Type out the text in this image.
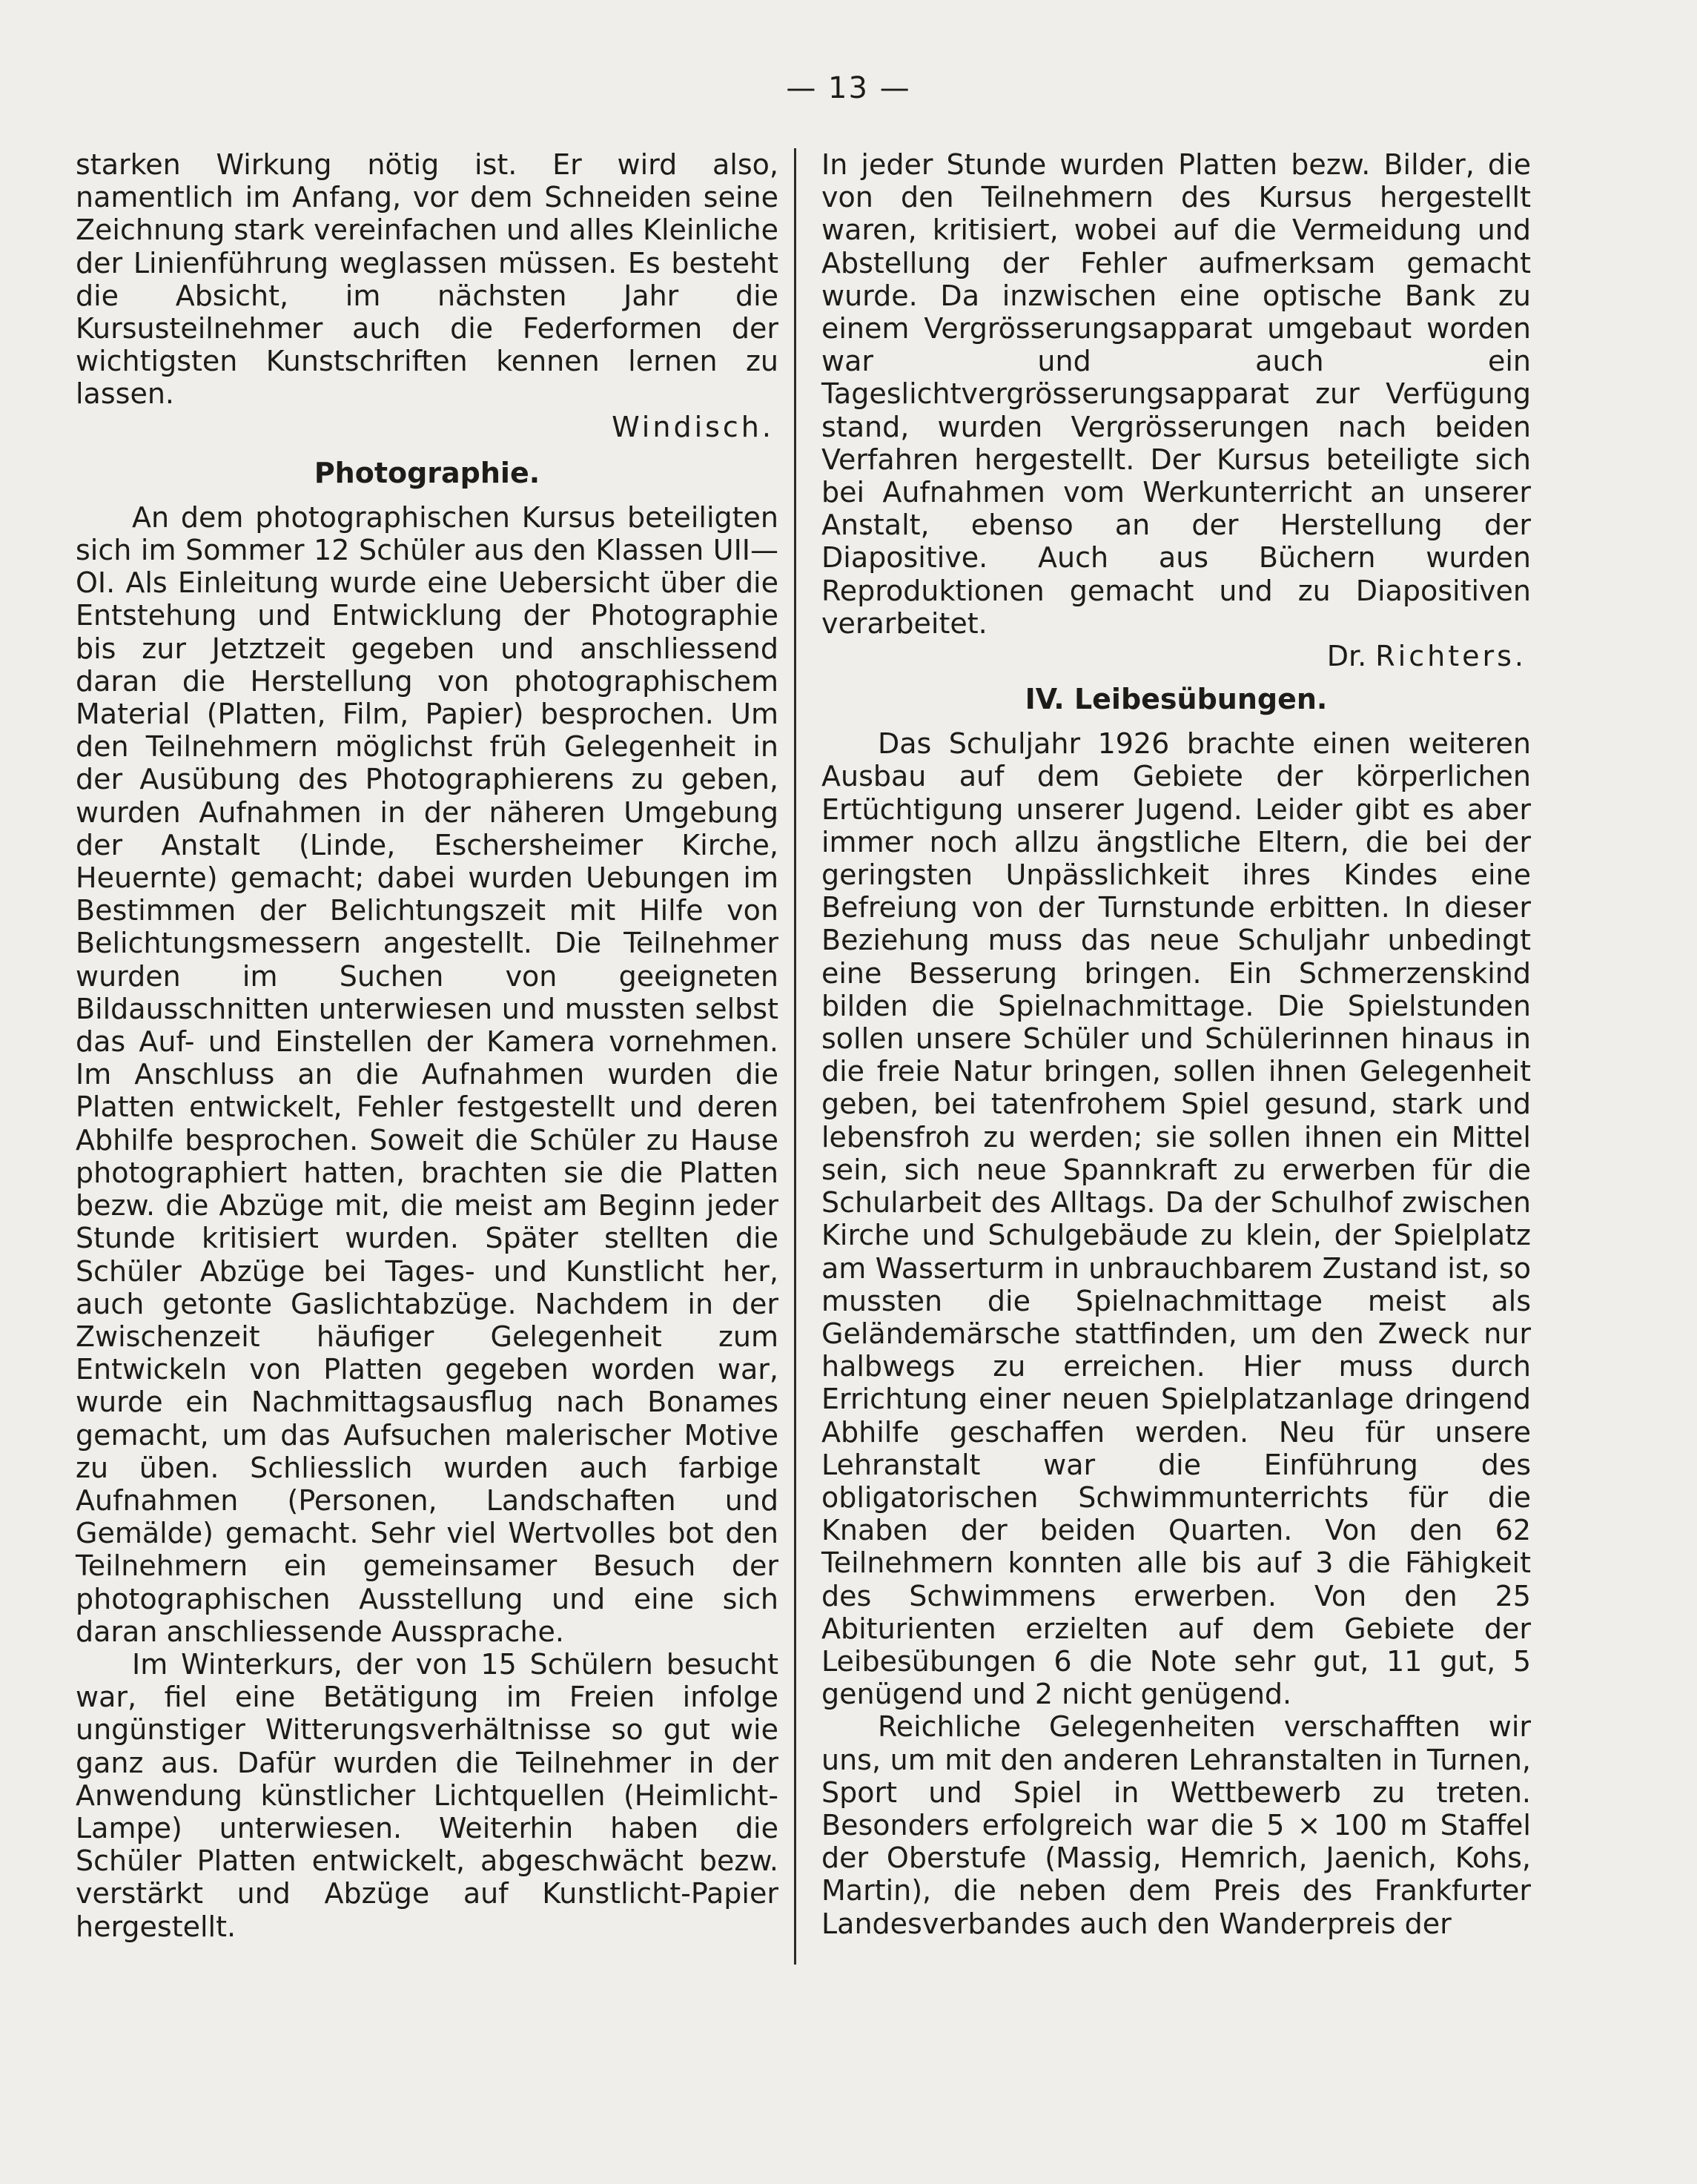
— 13 —

starken Wirkung nötig ist. Er wird also, namentlich im Anfang, vor dem Schneiden seine Zeichnung stark vereinfachen und alles Kleinliche der Linienführung weglassen müssen. Es besteht die Absicht, im nächsten Jahr die Kursusteilnehmer auch die Federformen der wichtigsten Kunstschriften kennen lernen zu lassen.

Windisch.

Photographie.

An dem photographischen Kursus beteiligten sich im Sommer 12 Schüler aus den Klassen UII—OI. Als Einleitung wurde eine Uebersicht über die Entstehung und Entwicklung der Photographie bis zur Jetztzeit gegeben und anschliessend daran die Herstellung von photographischem Material (Platten, Film, Papier) besprochen. Um den Teilnehmern möglichst früh Gelegenheit in der Ausübung des Photographierens zu geben, wurden Aufnahmen in der näheren Umgebung der Anstalt (Linde, Eschersheimer Kirche, Heuernte) gemacht; dabei wurden Uebungen im Bestimmen der Belichtungszeit mit Hilfe von Belichtungsmessern angestellt. Die Teilnehmer wurden im Suchen von geeigneten Bildausschnitten unterwiesen und mussten selbst das Auf- und Einstellen der Kamera vornehmen. Im Anschluss an die Aufnahmen wurden die Platten entwickelt, Fehler festgestellt und deren Abhilfe besprochen. Soweit die Schüler zu Hause photographiert hatten, brachten sie die Platten bezw. die Abzüge mit, die meist am Beginn jeder Stunde kritisiert wurden. Später stellten die Schüler Abzüge bei Tages- und Kunstlicht her, auch getonte Gaslichtabzüge. Nachdem in der Zwischenzeit häufiger Gelegenheit zum Entwickeln von Platten gegeben worden war, wurde ein Nachmittagsausflug nach Bonames gemacht, um das Aufsuchen malerischer Motive zu üben. Schliesslich wurden auch farbige Aufnahmen (Personen, Landschaften und Gemälde) gemacht. Sehr viel Wertvolles bot den Teilnehmern ein gemeinsamer Besuch der photographischen Ausstellung und eine sich daran anschliessende Aussprache.

Im Winterkurs, der von 15 Schülern besucht war, fiel eine Betätigung im Freien infolge ungünstiger Witterungsverhältnisse so gut wie ganz aus. Dafür wurden die Teilnehmer in der Anwendung künstlicher Lichtquellen (Heimlicht-Lampe) unterwiesen. Weiterhin haben die Schüler Platten entwickelt, abgeschwächt bezw. verstärkt und Abzüge auf Kunstlicht-Papier hergestellt.

In jeder Stunde wurden Platten bezw. Bilder, die von den Teilnehmern des Kursus hergestellt waren, kritisiert, wobei auf die Vermeidung und Abstellung der Fehler aufmerksam gemacht wurde. Da inzwischen eine optische Bank zu einem Vergrösserungsapparat umgebaut worden war und auch ein Tageslichtvergrösserungsapparat zur Verfügung stand, wurden Vergrösserungen nach beiden Verfahren hergestellt. Der Kursus beteiligte sich bei Aufnahmen vom Werkunterricht an unserer Anstalt, ebenso an der Herstellung der Diapositive. Auch aus Büchern wurden Reproduktionen gemacht und zu Diapositiven verarbeitet.

Dr. Richters.

IV. Leibesübungen.

Das Schuljahr 1926 brachte einen weiteren Ausbau auf dem Gebiete der körperlichen Ertüchtigung unserer Jugend. Leider gibt es aber immer noch allzu ängstliche Eltern, die bei der geringsten Unpässlichkeit ihres Kindes eine Befreiung von der Turnstunde erbitten. In dieser Beziehung muss das neue Schuljahr unbedingt eine Besserung bringen. Ein Schmerzenskind bilden die Spielnachmittage. Die Spielstunden sollen unsere Schüler und Schülerinnen hinaus in die freie Natur bringen, sollen ihnen Gelegenheit geben, bei tatenfrohem Spiel gesund, stark und lebensfroh zu werden; sie sollen ihnen ein Mittel sein, sich neue Spannkraft zu erwerben für die Schularbeit des Alltags. Da der Schulhof zwischen Kirche und Schulgebäude zu klein, der Spielplatz am Wasserturm in unbrauchbarem Zustand ist, so mussten die Spielnachmittage meist als Geländemärsche stattfinden, um den Zweck nur halbwegs zu erreichen. Hier muss durch Errichtung einer neuen Spielplatzanlage dringend Abhilfe geschaffen werden. Neu für unsere Lehranstalt war die Einführung des obligatorischen Schwimmunterrichts für die Knaben der beiden Quarten. Von den 62 Teilnehmern konnten alle bis auf 3 die Fähigkeit des Schwimmens erwerben. Von den 25 Abiturienten erzielten auf dem Gebiete der Leibesübungen 6 die Note sehr gut, 11 gut, 5 genügend und 2 nicht genügend.

Reichliche Gelegenheiten verschafften wir uns, um mit den anderen Lehranstalten in Turnen, Sport und Spiel in Wettbewerb zu treten. Besonders erfolgreich war die 5 × 100 m Staffel der Oberstufe (Massig, Hemrich, Jaenich, Kohs, Martin), die neben dem Preis des Frankfurter Landesverbandes auch den Wanderpreis der
